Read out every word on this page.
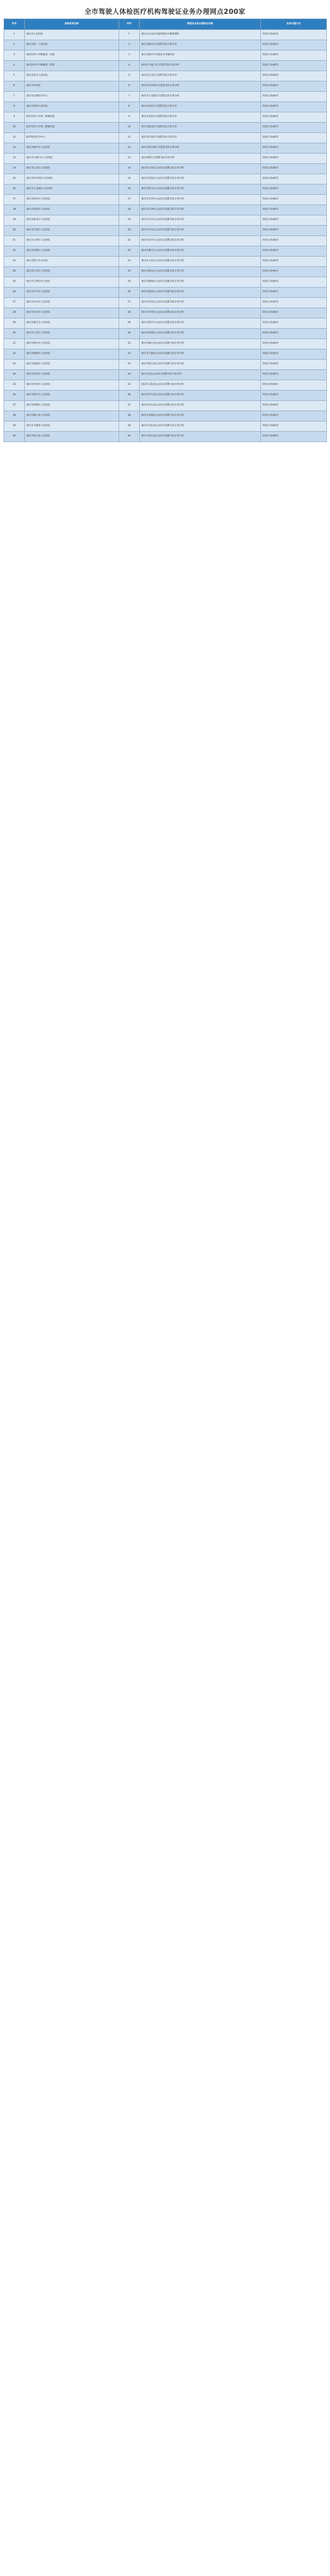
全市驾驶人体检医疗机构驾驶证业务办理网点200家
序号	体检机构名称	序号	驾驶证业务办理网点名称	业务办理方式
1	重庆市人民医院	1	重庆市公安局交通管理局车辆管理所	现场/自助/邮寄
2	重庆市第一人民医院	2	重庆市渝中区交巡警支队车管分所	现场/自助/邮寄
3	重庆医科大学附属第一医院	3	重庆市渝中区驾驶证业务服务站	现场/自助/邮寄
4	重庆医科大学附属第二医院	4	重庆市大渡口区交巡警支队车管分所	现场/自助/邮寄
5	重庆市第五人民医院	5	重庆市江北区交巡警支队车管分所	现场/自助/邮寄
6	重庆市中医院	6	重庆市沙坪坝区交巡警支队车管分所	现场/自助/邮寄
7	重庆市急救医疗中心	7	重庆市九龙坡区交巡警支队车管分所	现场/自助/邮寄
8	重庆市第四人民医院	8	重庆市南岸区交巡警支队车管分所	现场/自助/邮寄
9	陆军军医大学第一附属医院	9	重庆市北碚区交巡警支队车管分所	现场/自助/邮寄
10	陆军军医大学第二附属医院	10	重庆市渝北区交巡警支队车管分所	现场/自助/邮寄
11	陆军特色医学中心	11	重庆市巴南区交巡警支队车管分所	现场/自助/邮寄
12	重庆市渝中区人民医院	12	重庆市两江新区交巡警支队车管分所	现场/自助/邮寄
13	重庆市大渡口区人民医院	13	重庆高新区交巡警支队车管分所	现场/自助/邮寄
14	重庆市江北区人民医院	14	重庆市万州区公安局交巡警支队车管分所	现场/自助/邮寄
15	重庆市沙坪坝区人民医院	15	重庆市涪陵区公安局交巡警支队车管分所	现场/自助/邮寄
16	重庆市九龙坡区人民医院	16	重庆市黔江区公安局交巡警支队车管分所	现场/自助/邮寄
17	重庆市南岸区人民医院	17	重庆市长寿区公安局交巡警支队车管分所	现场/自助/邮寄
18	重庆市北碚区人民医院	18	重庆市江津区公安局交巡警支队车管分所	现场/自助/邮寄
19	重庆市渝北区人民医院	19	重庆市合川区公安局交巡警支队车管分所	现场/自助/邮寄
20	重庆市巴南区人民医院	20	重庆市永川区公安局交巡警支队车管分所	现场/自助/邮寄
21	重庆市万州区人民医院	21	重庆市南川区公安局交巡警支队车管分所	现场/自助/邮寄
22	重庆市涪陵区人民医院	22	重庆市綦江区公安局交巡警支队车管分所	现场/自助/邮寄
23	重庆市黔江中心医院	23	重庆市大足区公安局交巡警支队车管分所	现场/自助/邮寄
24	重庆市长寿区人民医院	24	重庆市璧山区公安局交巡警支队车管分所	现场/自助/邮寄
25	重庆市江津区中心医院	25	重庆市铜梁区公安局交巡警支队车管分所	现场/自助/邮寄
26	重庆市合川区人民医院	26	重庆市潼南区公安局交巡警支队车管分所	现场/自助/邮寄
27	重庆市永川区人民医院	27	重庆市荣昌区公安局交巡警支队车管分所	现场/自助/邮寄
28	重庆市南川区人民医院	28	重庆市开州区公安局交巡警支队车管分所	现场/自助/邮寄
29	重庆市綦江区人民医院	29	重庆市梁平区公安局交巡警支队车管分所	现场/自助/邮寄
30	重庆市大足区人民医院	30	重庆市武隆区公安局交巡警支队车管分所	现场/自助/邮寄
31	重庆市璧山区人民医院	31	重庆市城口县公安局交巡警大队车管分所	现场/自助/邮寄
32	重庆市铜梁区人民医院	32	重庆市丰都县公安局交巡警大队车管分所	现场/自助/邮寄
33	重庆市潼南区人民医院	33	重庆市垫江县公安局交巡警大队车管分所	现场/自助/邮寄
34	重庆市荣昌区人民医院	34	重庆市忠县公安局交巡警大队车管分所	现场/自助/邮寄
35	重庆市开州区人民医院	35	重庆市云阳县公安局交巡警大队车管分所	现场/自助/邮寄
36	重庆市梁平区人民医院	36	重庆市奉节县公安局交巡警大队车管分所	现场/自助/邮寄
37	重庆市武隆区人民医院	37	重庆市巫山县公安局交巡警大队车管分所	现场/自助/邮寄
38	重庆市城口县人民医院	38	重庆市巫溪县公安局交巡警大队车管分所	现场/自助/邮寄
39	重庆市丰都县人民医院	39	重庆市石柱县公安局交巡警大队车管分所	现场/自助/邮寄
40	重庆市垫江县人民医院	40	重庆市秀山县公安局交巡警大队车管分所	现场/自助/邮寄
